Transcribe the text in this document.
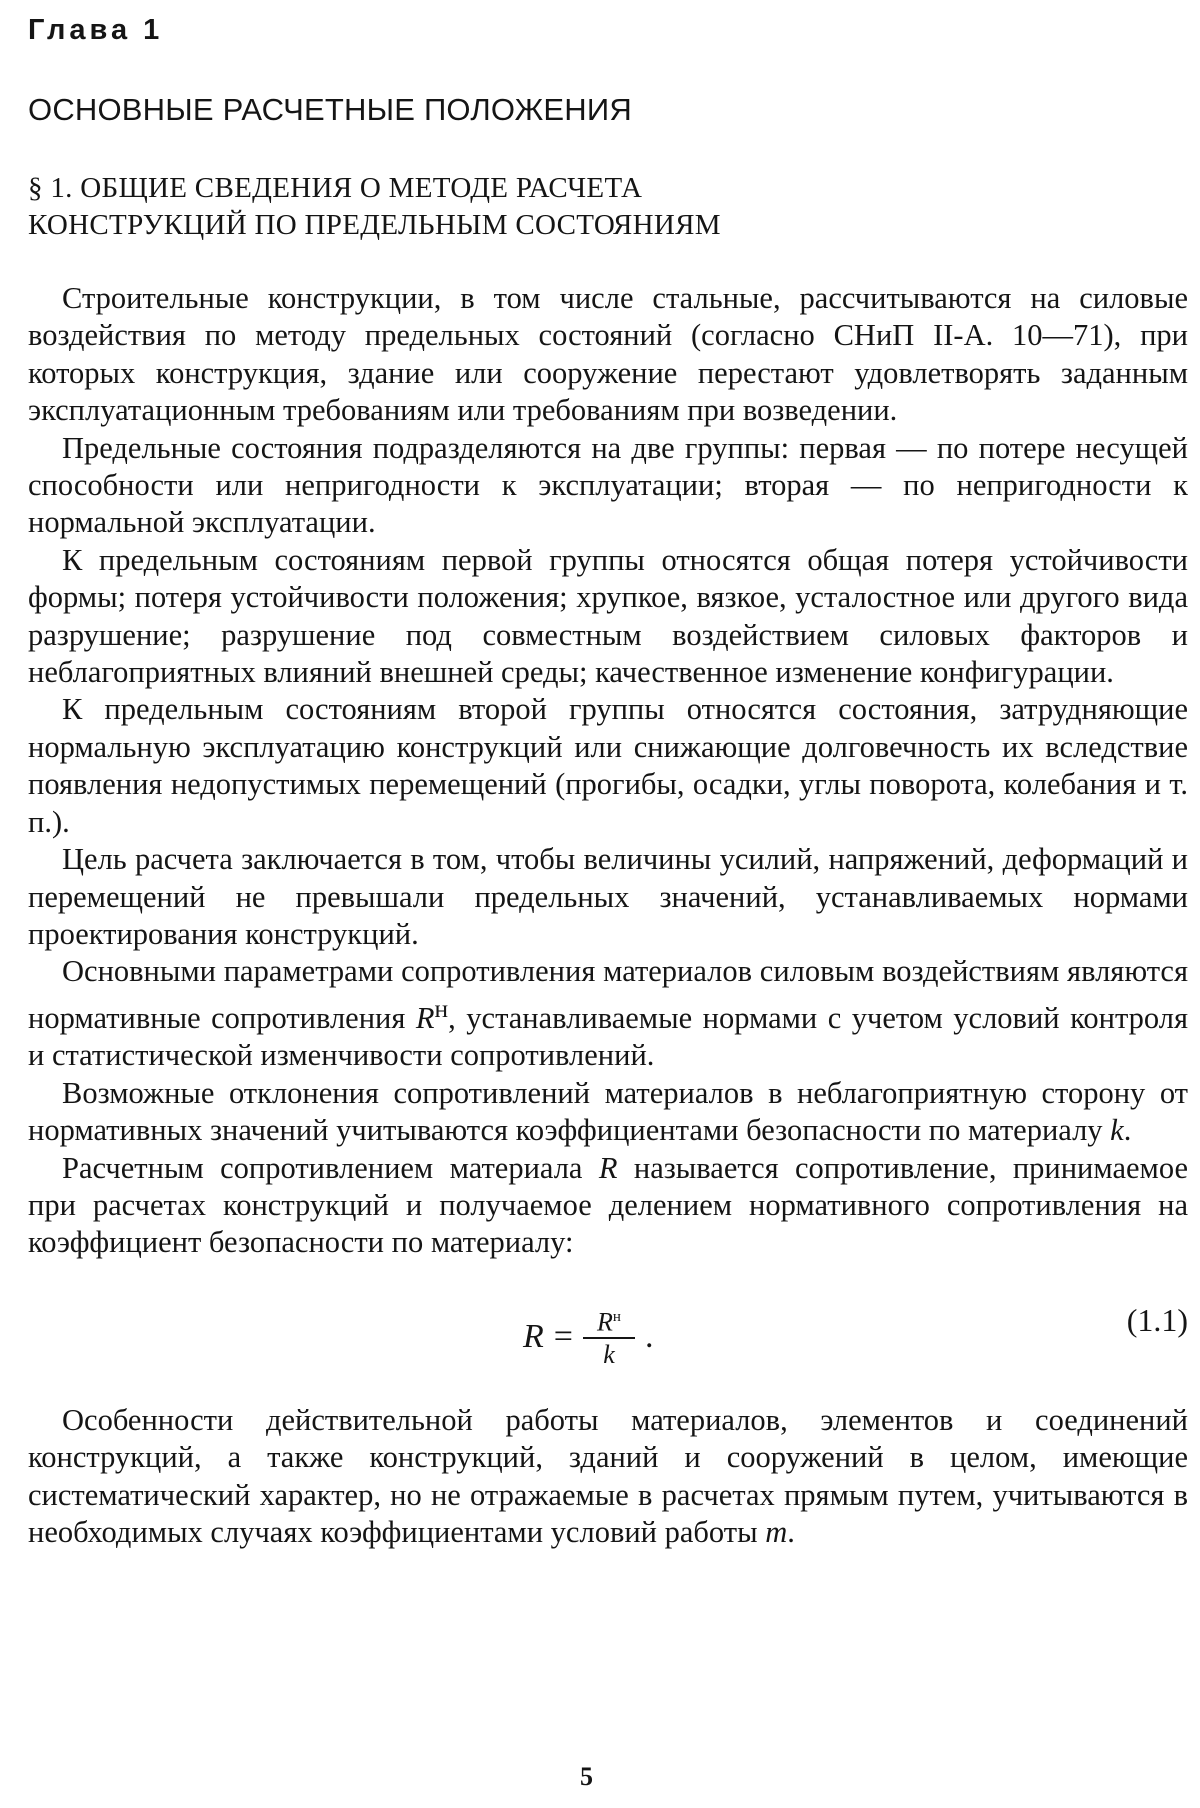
Глава 1
ОСНОВНЫЕ РАСЧЕТНЫЕ ПОЛОЖЕНИЯ
§ 1. ОБЩИЕ СВЕДЕНИЯ О МЕТОДЕ РАСЧЕТА
КОНСТРУКЦИЙ ПО ПРЕДЕЛЬНЫМ СОСТОЯНИЯМ

Строительные конструкции, в том числе стальные, рассчитываются на силовые воздействия по методу предельных состояний (согласно СНиП II-А. 10—71), при которых конструкция, здание или сооружение перестают удовлетворять заданным эксплуатационным требованиям или требованиям при возведении.

Предельные состояния подразделяются на две группы: первая — по потере несущей способности или непригодности к эксплуатации; вторая — по непригодности к нормальной эксплуатации.

К предельным состояниям первой группы относятся общая потеря устойчивости формы; потеря устойчивости положения; хрупкое, вязкое, усталостное или другого вида разрушение; разрушение под совместным воздействием силовых факторов и неблагоприятных влияний внешней среды; качественное изменение конфигурации.

К предельным состояниям второй группы относятся состояния, затрудняющие нормальную эксплуатацию конструкций или снижающие долговечность их вследствие появления недопустимых перемещений (прогибы, осадки, углы поворота, колебания и т. п.).

Цель расчета заключается в том, чтобы величины усилий, напряжений, деформаций и перемещений не превышали предельных значений, устанавливаемых нормами проектирования конструкций.

Основными параметрами сопротивления материалов силовым воздействиям являются нормативные сопротивления $R^н$, устанавливаемые нормами с учетом условий контроля и статистической изменчивости сопротивлений.

Возможные отклонения сопротивлений материалов в неблагоприятную сторону от нормативных значений учитываются коэффициентами безопасности по материалу k.

Расчетным сопротивлением материала R называется сопротивление, принимаемое при расчетах конструкций и получаемое делением нормативного сопротивления на коэффициент безопасности по материалу:

$R = \frac{R^н}{k}$ .	(1.1)

Особенности действительной работы материалов, элементов и соединений конструкций, а также конструкций, зданий и сооружений в целом, имеющие систематический характер, но не отражаемые в расчетах прямым путем, учитываются в необходимых случаях коэффициентами условий работы m.

5
